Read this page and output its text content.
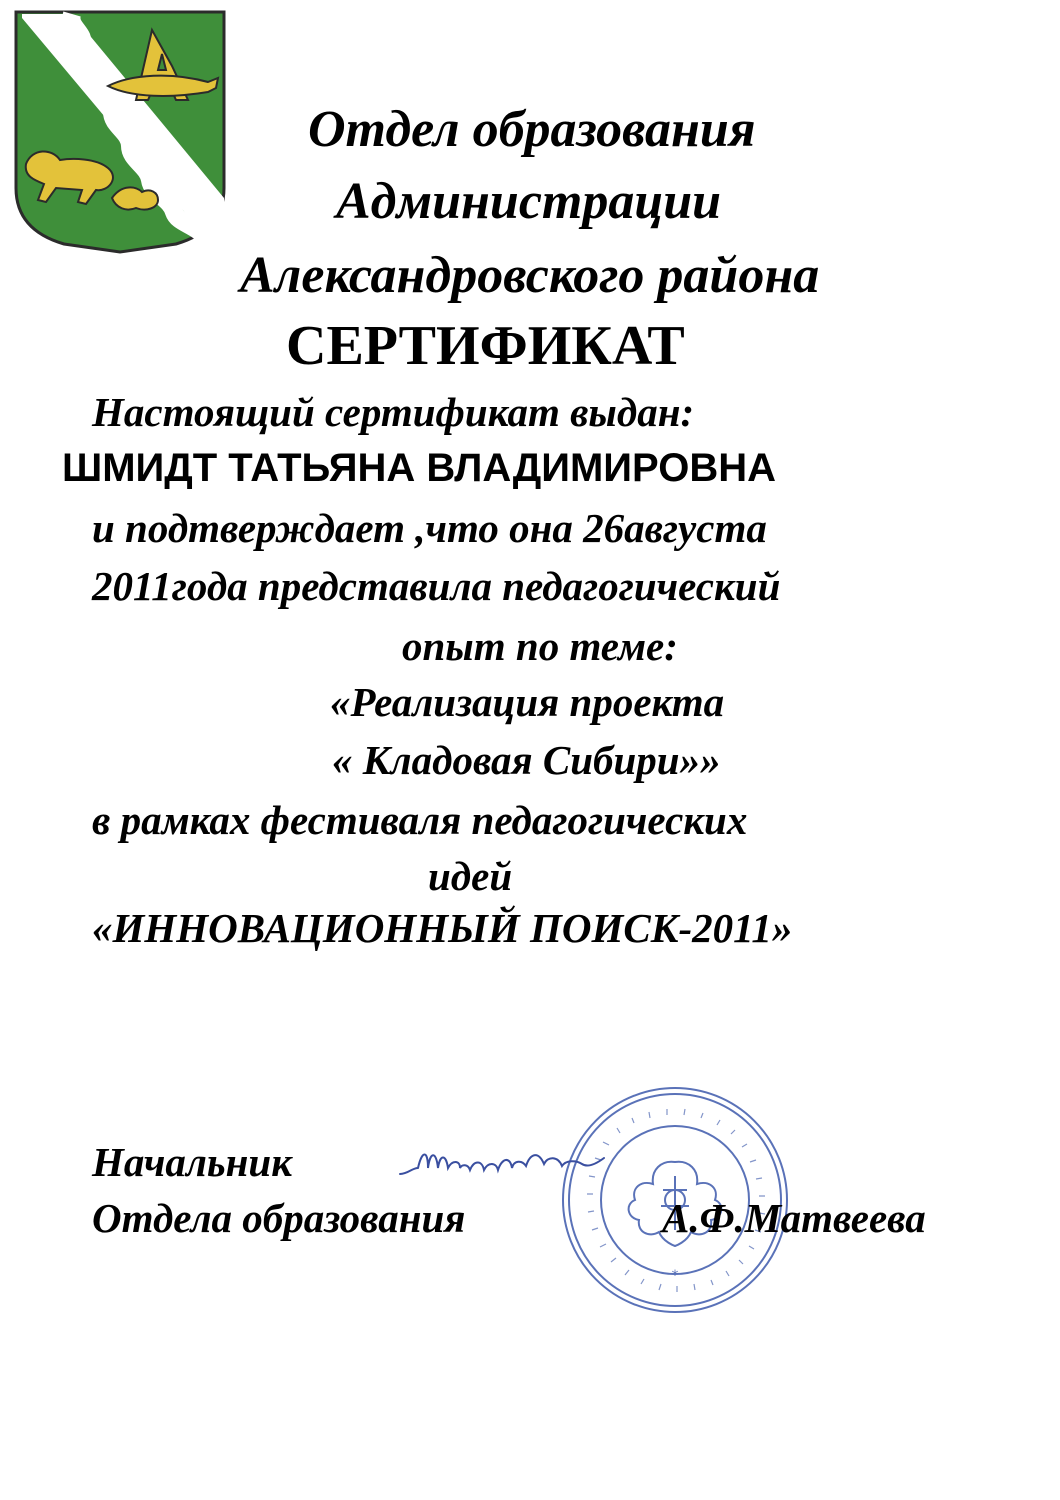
Отдел образования
Администрации
Александровского района
СЕРТИФИКАТ
Настоящий сертификат выдан:
ШМИДТ ТАТЬЯНА ВЛАДИМИРОВНА
и подтверждает ,что она 26августа
2011года представила педагогический
опыт по теме:
«Реализация проекта
« Кладовая Сибири»»
в рамках фестиваля педагогических
идей
«ИННОВАЦИОННЫЙ ПОИСК-2011»
*
Начальник
Отдела образования	А.Ф.Матвеева
